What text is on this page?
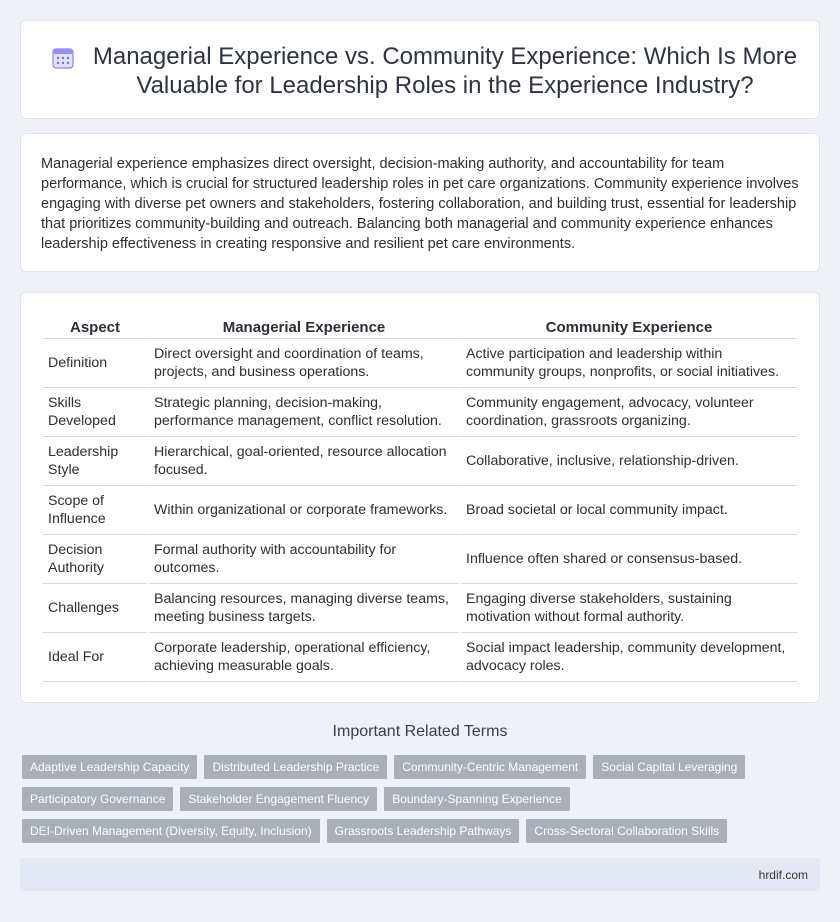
Managerial Experience vs. Community Experience: Which Is More Valuable for Leadership Roles in the Experience Industry?

Managerial experience emphasizes direct oversight, decision-making authority, and accountability for team performance, which is crucial for structured leadership roles in pet care organizations. Community experience involves engaging with diverse pet owners and stakeholders, fostering collaboration, and building trust, essential for leadership that prioritizes community-building and outreach. Balancing both managerial and community experience enhances leadership effectiveness in creating responsive and resilient pet care environments.

Aspect	Managerial Experience	Community Experience
Definition	Direct oversight and coordination of teams, projects, and business operations.	Active participation and leadership within community groups, nonprofits, or social initiatives.
Skills Developed	Strategic planning, decision-making, performance management, conflict resolution.	Community engagement, advocacy, volunteer coordination, grassroots organizing.
Leadership Style	Hierarchical, goal-oriented, resource allocation focused.	Collaborative, inclusive, relationship-driven.
Scope of Influence	Within organizational or corporate frameworks.	Broad societal or local community impact.
Decision Authority	Formal authority with accountability for outcomes.	Influence often shared or consensus-based.
Challenges	Balancing resources, managing diverse teams, meeting business targets.	Engaging diverse stakeholders, sustaining motivation without formal authority.
Ideal For	Corporate leadership, operational efficiency, achieving measurable goals.	Social impact leadership, community development, advocacy roles.
Important Related Terms
Adaptive Leadership Capacity	Distributed Leadership Practice	Community-Centric Management	Social Capital Leveraging
Participatory Governance	Stakeholder Engagement Fluency	Boundary-Spanning Experience
DEI-Driven Management (Diversity, Equity, Inclusion)	Grassroots Leadership Pathways	Cross-Sectoral Collaboration Skills
hrdif.com
